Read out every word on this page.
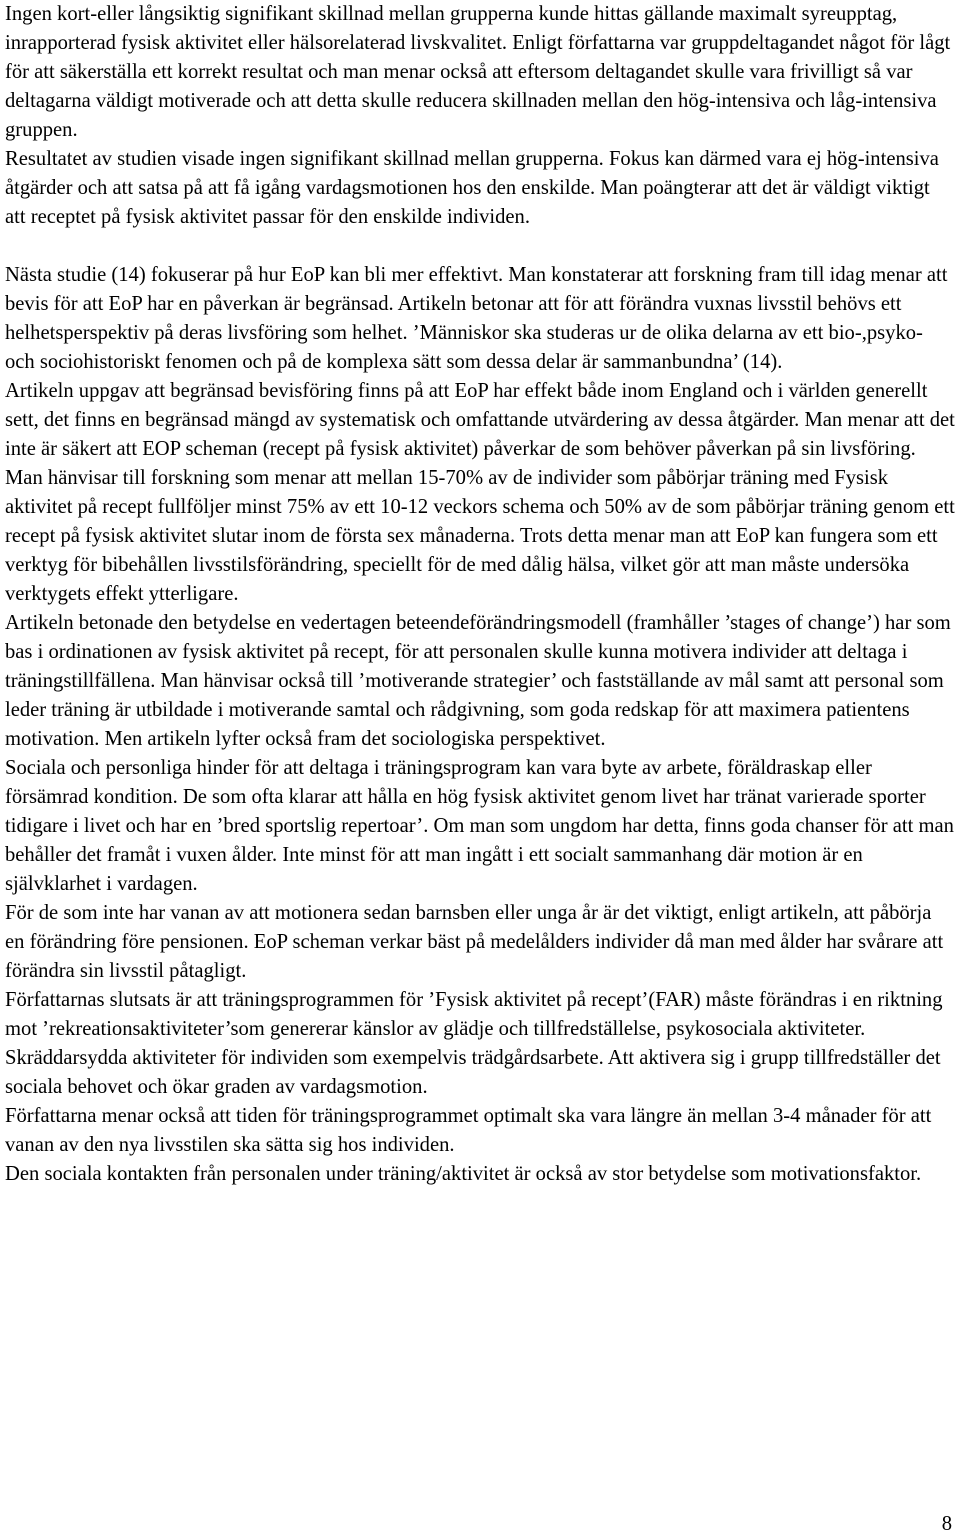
Ingen kort-eller långsiktig signifikant skillnad mellan grupperna kunde hittas gällande maximalt syreupptag, inrapporterad fysisk aktivitet eller hälsorelaterad livskvalitet. Enligt författarna var gruppdeltagandet något för lågt för att säkerställa ett korrekt resultat och man menar också att eftersom deltagandet skulle vara frivilligt så var deltagarna väldigt motiverade och att detta skulle reducera skillnaden mellan den hög-intensiva och låg-intensiva gruppen.

Resultatet av studien visade ingen signifikant skillnad mellan grupperna. Fokus kan därmed vara ej hög-intensiva åtgärder och att satsa på att få igång vardagsmotionen hos den enskilde. Man poängterar att det är väldigt viktigt att receptet på fysisk aktivitet passar för den enskilde individen.

Nästa studie (14) fokuserar på hur EoP kan bli mer effektivt. Man konstaterar att forskning fram till idag menar att bevis för att EoP har en påverkan är begränsad. Artikeln betonar att för att förändra vuxnas livsstil behövs ett helhetsperspektiv på deras livsföring som helhet. ’Människor ska studeras ur de olika delarna av ett bio-,psyko- och sociohistoriskt fenomen och på de komplexa sätt som dessa delar är sammanbundna’ (14).

Artikeln uppgav att begränsad bevisföring finns på att EoP har effekt både inom England och i världen generellt sett, det finns en begränsad mängd av systematisk och omfattande utvärdering av dessa åtgärder. Man menar att det inte är säkert att EOP scheman (recept på fysisk aktivitet) påverkar de som behöver påverkan på sin livsföring.

Man hänvisar till forskning som menar att mellan 15-70% av de individer som påbörjar träning med Fysisk aktivitet på recept fullföljer minst 75% av ett 10-12 veckors schema och 50% av de som påbörjar träning genom ett recept på fysisk aktivitet slutar inom de första sex månaderna. Trots detta menar man att EoP kan fungera som ett verktyg för bibehållen livsstilsförändring, speciellt för de med dålig hälsa, vilket gör att man måste undersöka verktygets effekt ytterligare.

Artikeln betonade den betydelse en vedertagen beteendeförändringsmodell (framhåller ’stages of change’) har som bas i ordinationen av fysisk aktivitet på recept, för att personalen skulle kunna motivera individer att deltaga i träningstillfällena. Man hänvisar också till ’motiverande strategier’ och fastställande av mål samt att personal som leder träning är utbildade i motiverande samtal och rådgivning, som goda redskap för att maximera patientens motivation. Men artikeln lyfter också fram det sociologiska perspektivet.

Sociala och personliga hinder för att deltaga i träningsprogram kan vara byte av arbete, föräldraskap eller försämrad kondition. De som ofta klarar att hålla en hög fysisk aktivitet genom livet har tränat varierade sporter tidigare i livet och har en ’bred sportslig repertoar’. Om man som ungdom har detta, finns goda chanser för att man behåller det framåt i vuxen ålder. Inte minst för att man ingått i ett socialt sammanhang där motion är en självklarhet i vardagen.

För de som inte har vanan av att motionera sedan barnsben eller unga år är det viktigt, enligt artikeln, att påbörja en förändring före pensionen. EoP scheman verkar bäst på medelålders individer då man med ålder har svårare att förändra sin livsstil påtagligt.

Författarnas slutsats är att träningsprogrammen för ’Fysisk aktivitet på recept’(FAR) måste förändras i en riktning mot ’rekreationsaktiviteter’som genererar känslor av glädje och tillfredställelse, psykosociala aktiviteter. Skräddarsydda aktiviteter för individen som exempelvis trädgårdsarbete. Att aktivera sig i grupp tillfredställer det sociala behovet och ökar graden av vardagsmotion.

Författarna menar också att tiden för träningsprogrammet optimalt ska vara längre än mellan 3-4 månader för att vanan av den nya livsstilen ska sätta sig hos individen.

Den sociala kontakten från personalen under träning/aktivitet är också av stor betydelse som motivationsfaktor.

8
